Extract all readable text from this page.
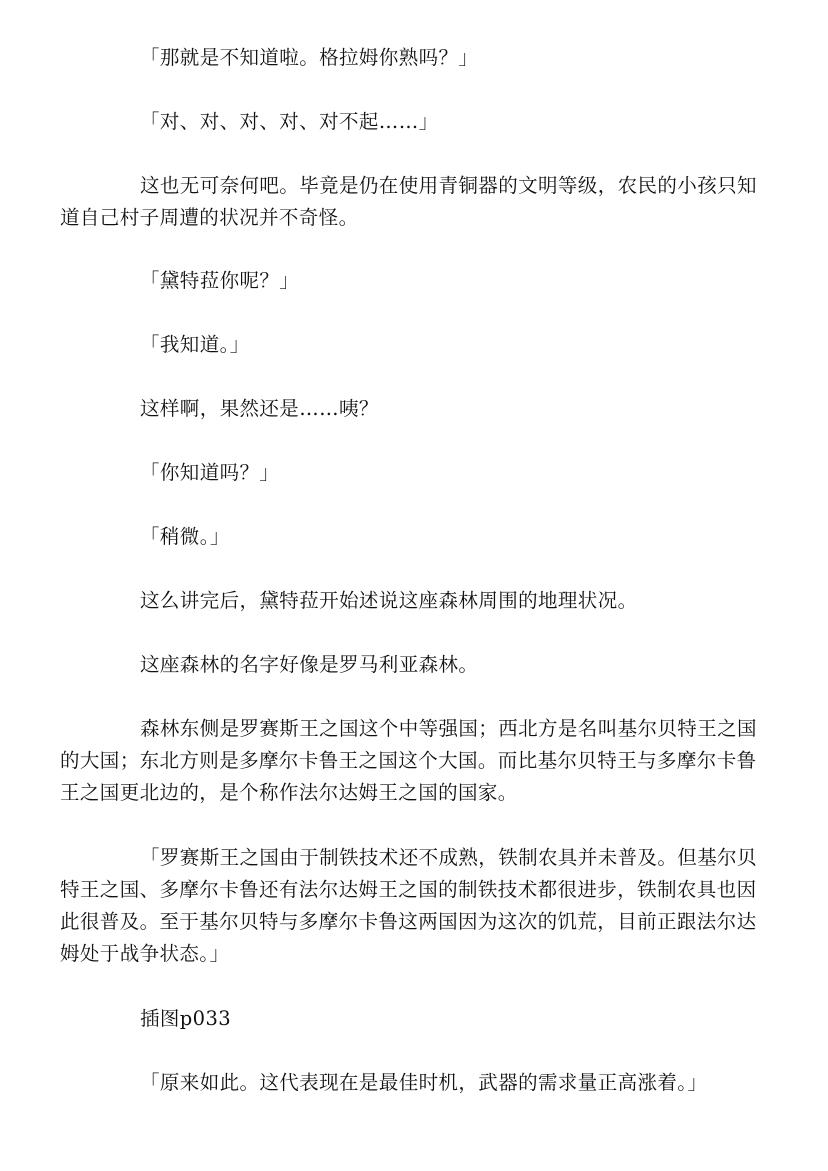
「那就是不知道啦。格拉姆你熟吗？」

「对、对、对、对、对不起……」

这也无可奈何吧。毕竟是仍在使用青铜器的文明等级，农民的小孩只知道自己村子周遭的状况并不奇怪。

「黛特菈你呢？」

「我知道。」

这样啊，果然还是……咦？

「你知道吗？」

「稍微。」

这么讲完后，黛特菈开始述说这座森林周围的地理状况。

这座森林的名字好像是罗马利亚森林。

森林东侧是罗赛斯王之国这个中等强国；西北方是名叫基尔贝特王之国的大国；东北方则是多摩尔卡鲁王之国这个大国。而比基尔贝特王与多摩尔卡鲁王之国更北边的，是个称作法尔达姆王之国的国家。

「罗赛斯王之国由于制铁技术还不成熟，铁制农具并未普及。但基尔贝特王之国、多摩尔卡鲁还有法尔达姆王之国的制铁技术都很进步，铁制农具也因此很普及。至于基尔贝特与多摩尔卡鲁这两国因为这次的饥荒，目前正跟法尔达姆处于战争状态。」

插图p033

「原来如此。这代表现在是最佳时机，武器的需求量正高涨着。」
